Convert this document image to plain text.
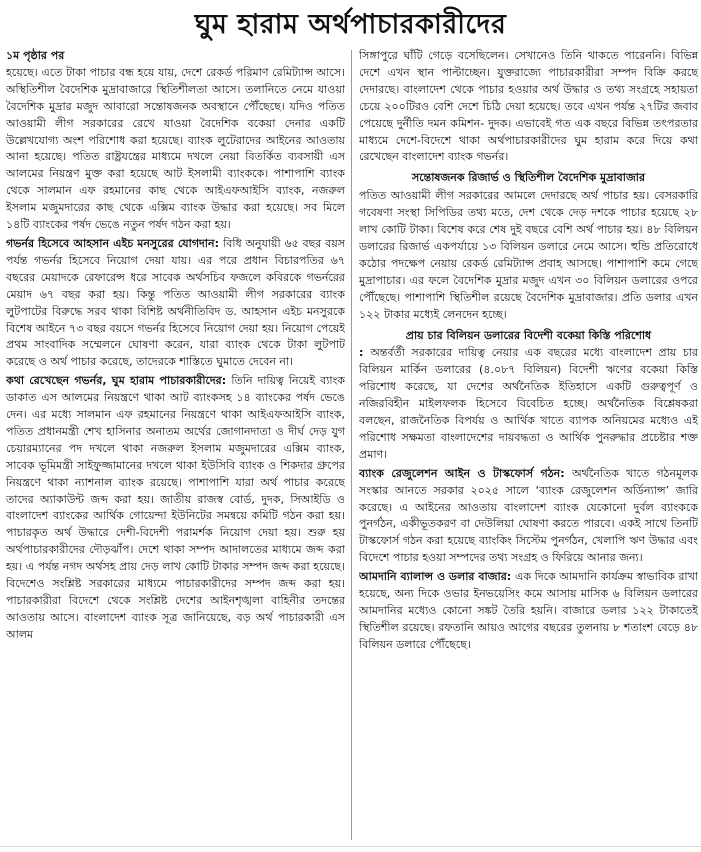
ঘুম হারাম অর্থপাচারকারীদের

১ম পৃষ্ঠার পর
হয়েছে। এতে টাকা পাচার বন্ধ হয়ে যায়, দেশে রেকর্ড পরিমাণ রেমিট্যান্স আসে। অস্থিতিশীল বৈদেশিক মুদ্রাবাজারে স্থিতিশীলতা আসে। তলানিতে নেমে যাওয়া বৈদেশিক মুদ্রার মজুদ আবারো সন্তোষজনক অবস্থানে পৌঁছেছে। যদিও পতিত আওয়ামী লীগ সরকারের রেখে যাওয়া বৈদেশিক বকেয়া দেনার একটি উল্লেখযোগ্য অংশ পরিশোধ করা হয়েছে। ব্যাংক লুটেরাদের আইনের আওতায় আনা হয়েছে। পতিত রাষ্ট্রযন্ত্রের মাধ্যমে দখলে নেয়া বিতর্কিত ব্যবসায়ী এস আলমের নিয়ন্ত্রণ মুক্ত করা হয়েছে আট ইসলামী ব্যাংককে। পাশাপাশি ব্যাংক থেকে সালমান এফ রহমানের কাছ থেকে আইএফআইসি ব্যাংক, নজরুল ইসলাম মজুমদারের কাছ থেকে এক্সিম ব্যাংক উদ্ধার করা হয়েছে। সব মিলে ১৪টি ব্যাংকের পর্ষদ ভেঙে নতুন পর্ষদ গঠন করা হয়।

গভর্নর হিসেবে আহসান এইচ মনসুরের যোগদান: বিধি অনুযায়ী ৬৫ বছর বয়স পর্যন্ত গভর্নর হিসেবে নিয়োগ দেয়া যায়। এর পরে প্রধান বিচারপতির ৬৭ বছরের মেয়াদকে রেফারেন্স ধরে সাবেক অর্থসচিব ফজলে কবিরকে গভর্নরের মেয়াদ ৬৭ বছর করা হয়। কিন্তু পতিত আওয়ামী লীগ সরকারের ব্যাংক লুটপাটের বিরুদ্ধে সরব থাকা বিশিষ্ট অর্থনীতিবিদ ড. আহসান এইচ মনসুরকে বিশেষ আইনে ৭৩ বছর বয়সে গভর্নর হিসেবে নিয়োগ দেয়া হয়। নিয়োগ পেয়েই প্রথম সাংবাদিক সম্মেলনে ঘোষণা করেন, যারা ব্যাংক থেকে টাকা লুটপাট করেছে ও অর্থ পাচার করেছে, তাদেরকে শাস্তিতে ঘুমাতে দেবেন না।

কথা রেখেছেন গভর্নর, ঘুম হারাম পাচারকারীদের: তিনি দায়িত্ব নিয়েই ব্যাংক ডাকাত এস আলমের নিয়ন্ত্রণে থাকা আট ব্যাংকসহ ১৪ ব্যাংকের পর্ষদ ভেঙে দেন। এর মধ্যে সালমান এফ রহমানের নিয়ন্ত্রণে থাকা আইএফআইসি ব্যাংক, পতিত প্রধানমন্ত্রী শেখ হাসিনার অনাতম অর্থের জোগানদাতা ও দীর্ঘ দেড় যুগ চেয়ারম্যানের পদ দখলে থাকা নজরুল ইসলাম মজুমদারের এক্সিম ব্যাংক, সাবেক ভূমিমন্ত্রী সাইফুজ্জামানের দখলে থাকা ইউসিবি ব্যাংক ও শিকদার গ্রুপের নিয়ন্ত্রণে থাকা ন্যাশনাল ব্যাংক রয়েছে। পাশাপাশি যারা অর্থ পাচার করেছে তাদের অ্যাকাউন্ট জব্দ করা হয়। জাতীয় রাজস্ব বোর্ড, দুদক, সিআইডি ও বাংলাদেশ ব্যাংকের আর্থিক গোয়েন্দা ইউনিটের সমন্বয়ে কমিটি গঠন করা হয়। পাচারকৃত অর্থ উদ্ধারে দেশী-বিদেশী পরামর্শক নিয়োগ দেয়া হয়। শুরু হয় অর্থপাচারকারীদের দৌড়ঝাঁপ। দেশে থাকা সম্পদ আদালতের মাধ্যমে জব্দ করা হয়। এ পর্যন্ত নগদ অর্থসহ প্রায় দেড় লাখ কোটি টাকার সম্পদ জব্দ করা হয়েছে। বিদেশেও সংশ্লিষ্ট সরকারের মাধ্যমে পাচারকারীদের সম্পদ জব্দ করা হয়। পাচারকারীরা বিদেশে থেকে সংশ্লিষ্ট দেশের আইনশৃঙ্খলা বাহিনীর তদন্তের আওতায় আসে। বাংলাদেশ ব্যাংক সূত্র জানিয়েছে, বড় অর্থ পাচারকারী এস আলম

সিঙ্গাপুরে ঘাঁটি গেড়ে বসেছিলেন। সেখানেও তিনি থাকতে পারেননি। বিভিন্ন দেশে এখন স্থান পাল্টাচ্ছেন। যুক্তরাজ্যে পাচারকারীরা সম্পদ বিক্রি করছে দেদারছে। বাংলাদেশ থেকে পাচার হওয়ার অর্থ উদ্ধার ও তথ্য সংগ্রহে সহায়তা চেয়ে ২০০টিরও বেশি দেশে চিঠি দেয়া হয়েছে। তবে এখন পর্যন্ত ২৭টির জবাব পেয়েছে দুর্নীতি দমন কমিশন- দুদক। এভাবেই গত এক বছরে বিভিন্ন তৎপরতার মাধ্যমে দেশে-বিদেশে থাকা অর্থপাচারকারীদের ঘুম হারাম করে দিয়ে কথা রেখেছেন বাংলাদেশ ব্যাংক গভর্নর।

সন্তোষজনক রিজার্ভ ও স্থিতিশীল বৈদেশিক মুদ্রাবাজার

পতিত আওয়ামী লীগ সরকারের আমলে দেদারছে অর্থ পাচার হয়। বেসরকারি গবেষণা সংস্থা সিপিডির তথ্য মতে, দেশ থেকে দেড় দশকে পাচার হয়েছে ২৮ লাখ কোটি টাকা। বিশেষ করে শেষ দুই বছরে বেশি অর্থ পাচার হয়। ৪৮ বিলিয়ন ডলারের রিজার্ভ একপর্যায়ে ১৩ বিলিয়ন ডলারে নেমে আসে। হুন্ডি প্রতিরোধে কঠোর পদক্ষেপ নেয়ায় রেকর্ড রেমিট্যান্স প্রবাহ আসছে। পাশাপাশি কমে গেছে মুদ্রাপাচার। এর ফলে বৈদেশিক মুদ্রার মজুদ এখন ৩০ বিলিয়ন ডলারের ওপরে পৌঁছেছে। পাশাপাশি স্থিতিশীল রয়েছে বৈদেশিক মুদ্রাবাজার। প্রতি ডলার এখন ১২২ টাকার মধ্যেই লেনদেন হচ্ছে।

প্রায় চার বিলিয়ন ডলারের বিদেশী বকেয়া কিস্তি পরিশোধ

: অন্তর্বর্তী সরকারের দায়িত্ব নেয়ার এক বছরের মধ্যে বাংলাদেশ প্রায় চার বিলিয়ন মার্কিন ডলারের (৪.০৮৭ বিলিয়ন) বিদেশী ঋণের বকেয়া কিস্তি পরিশোধ করেছে, যা দেশের অর্থনৈতিক ইতিহাসে একটি গুরুত্বপূর্ণ ও নজিরবিহীন মাইলফলক হিসেবে বিবেচিত হচ্ছে। অর্থনৈতিক বিশ্লেষকরা বলছেন, রাজনৈতিক বিপর্যয় ও আর্থিক খাতে ব্যাপক অনিয়মের মধ্যেও এই পরিশোধ সক্ষমতা বাংলাদেশের দায়বদ্ধতা ও আর্থিক পুনরুদ্ধার প্রচেষ্টার শক্ত প্রমাণ।

ব্যাংক রেজুলেশন আইন ও টাস্কফোর্স গঠন: অর্থনৈতিক খাতে গঠনমূলক সংস্কার আনতে সরকার ২০২৫ সালে ‘ব্যাংক রেজুলেশন অর্ডিন্যান্স’ জারি করেছে। এ আইনের আওতায় বাংলাদেশ ব্যাংক যেকোনো দুর্বল ব্যাংককে পুনর্গঠন, একীভূতকরণ বা দেউলিয়া ঘোষণা করতে পারবে। একই সাথে তিনটি টাস্কফোর্স গঠন করা হয়েছে ব্যাংকিং সিস্টেম পুনর্গঠন, খেলাপি ঋণ উদ্ধার এবং বিদেশে পাচার হওয়া সম্পদের তথ্য সংগ্রহ ও ফিরিয়ে আনার জন্য।

আমদানি ব্যালান্স ও ডলার বাজার: এক দিকে আমদানি কার্যক্রম স্বাভাবিক রাখা হয়েছে, অন্য দিকে ওভার ইনভয়েসিং কমে আসায় মাসিক ৬ বিলিয়ন ডলারের আমদানির মধ্যেও কোনো সঙ্কট তৈরি হয়নি। বাজারে ডলার ১২২ টাকাতেই স্থিতিশীল রয়েছে। রফতানি আয়ও আগের বছরের তুলনায় ৮ শতাংশ বেড়ে ৪৮ বিলিয়ন ডলারে পৌঁছেছে।
